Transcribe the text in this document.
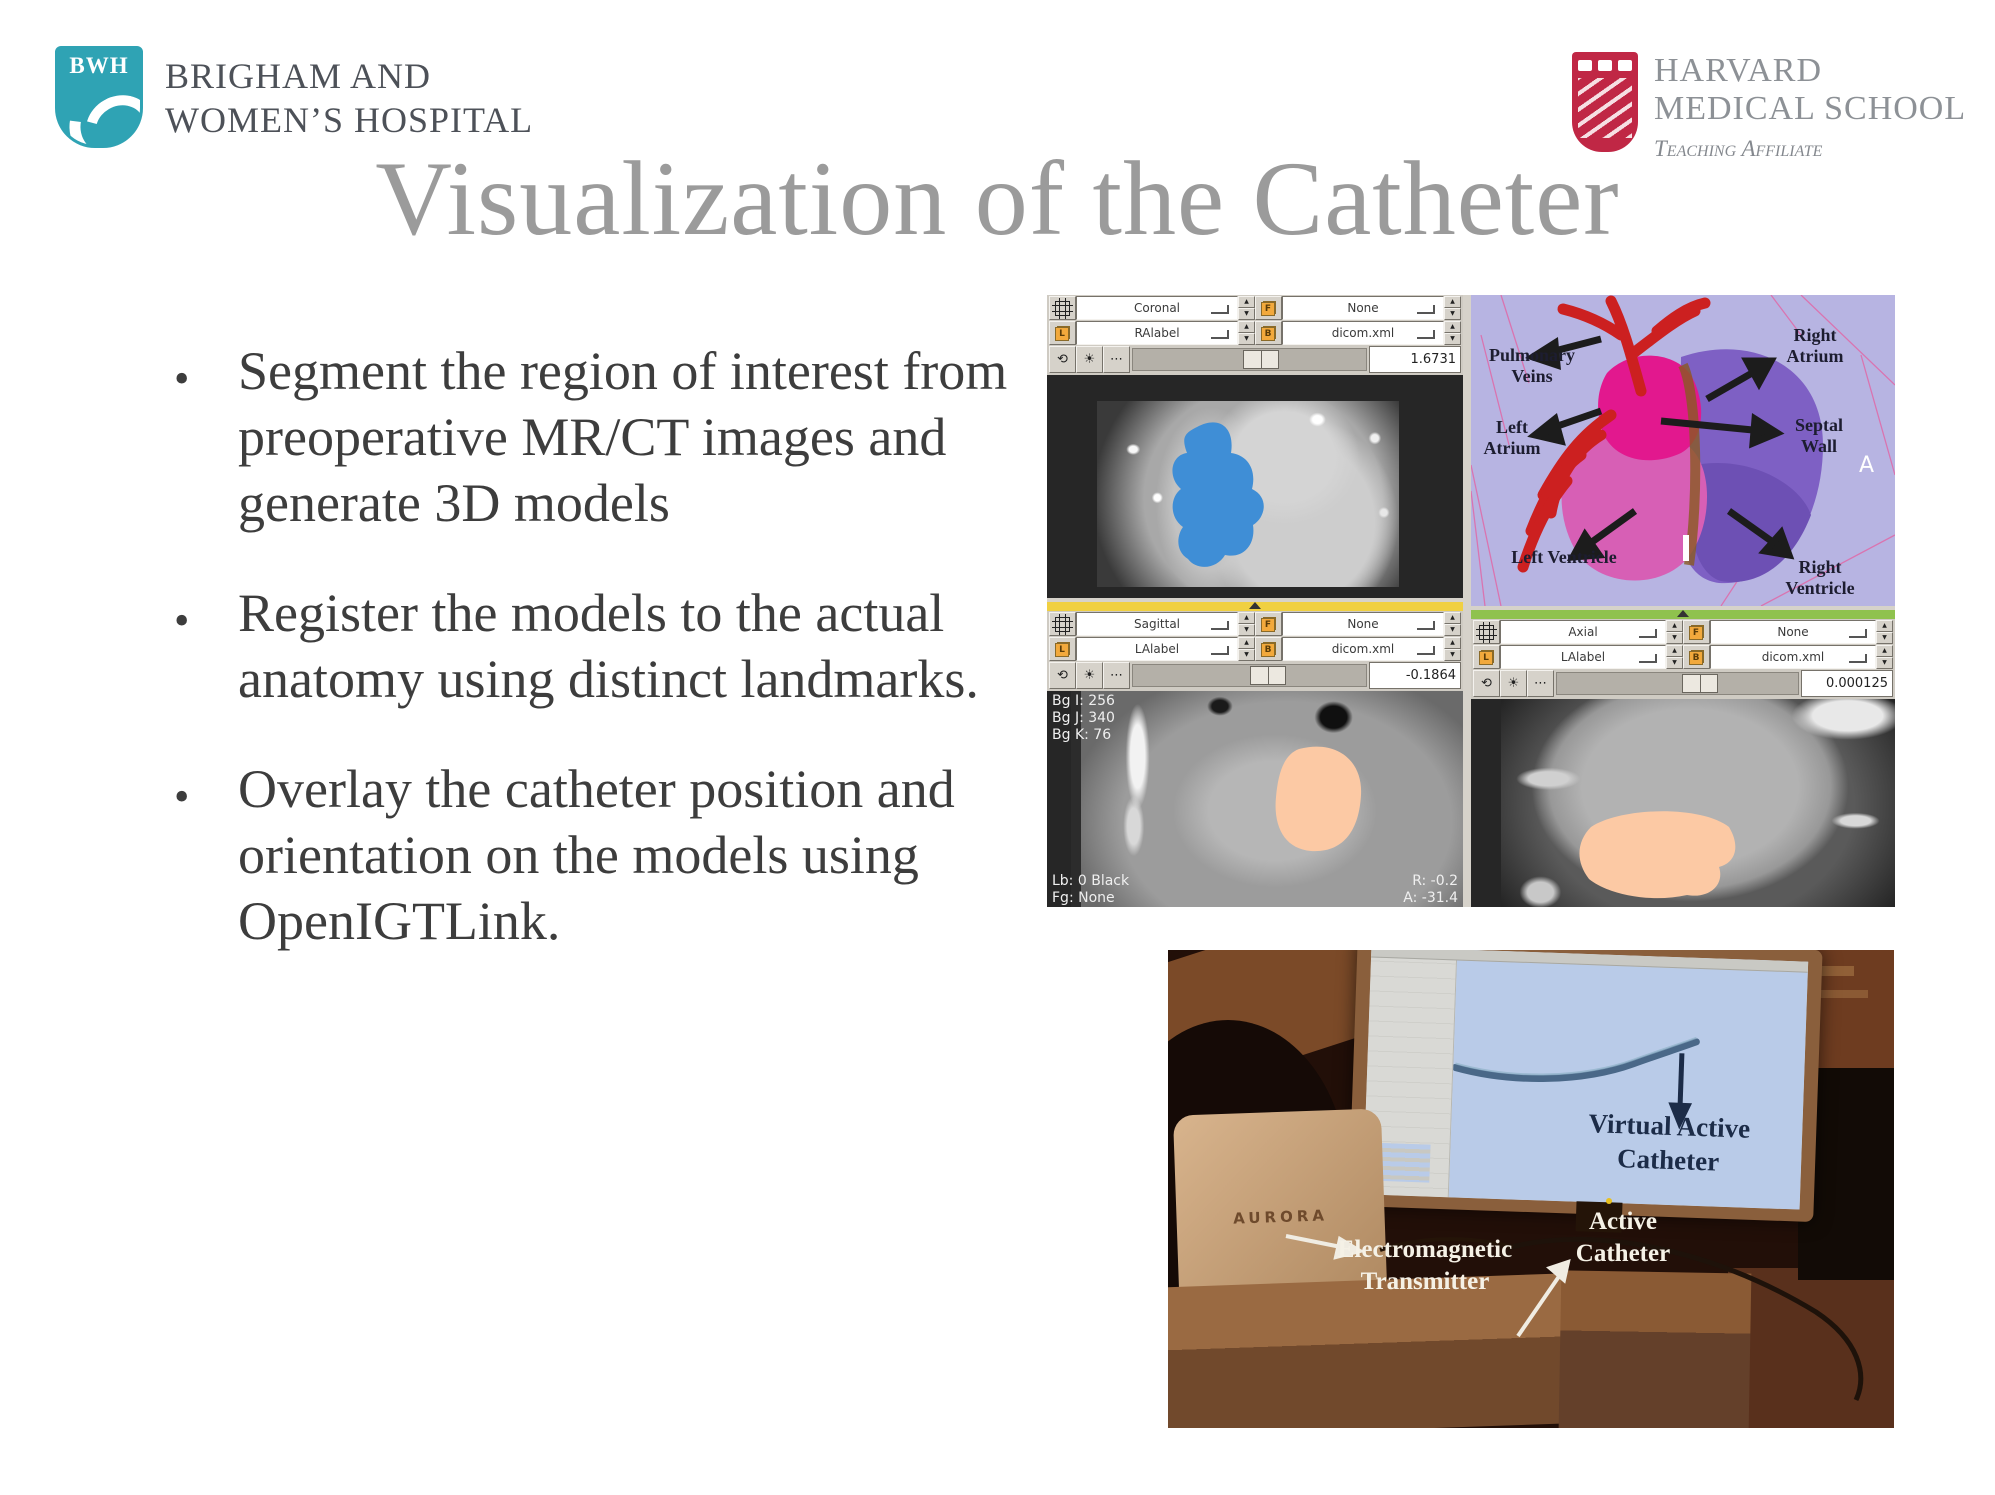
BWH	BRIGHAM AND
WOMEN’S HOSPITAL
HARVARD
MEDICAL SCHOOL
Teaching Affiliate
Visualization of the Catheter
•
Segment the region of interest from preoperative MR/CT images and generate 3D models
•
Register the models to the actual anatomy using distinct landmarks.
•
Overlay the catheter position and orientation on the models using OpenIGTLink.
Coronal	▲
▼	F	None	▲
▼
L	RAlabel	▲
▼	B	dicom.xml	▲
▼
⟲	☀	⋯	1.6731	Pulmonary Veins
Right Atrium
Left Atrium
Septal Wall
Left Ventricle	Right Ventricle
A
Sagittal	▲
▼	F	None	▲
▼
L	LAlabel	▲
▼	B	dicom.xml	▲
▼
⟲	☀	⋯	-0.1864
Bg I: 256
Bg J: 340
Bg K: 76
Lb: 0 Black
Fg: None
R: -0.2
A: -31.4
Axial	▲
▼	F	None	▲
▼
L	LAlabel	▲
▼	B	dicom.xml	▲
▼
⟲	☀	⋯	0.000125
Virtual Active Catheter
AURORA
Electromagnetic Transmitter
Active Catheter
